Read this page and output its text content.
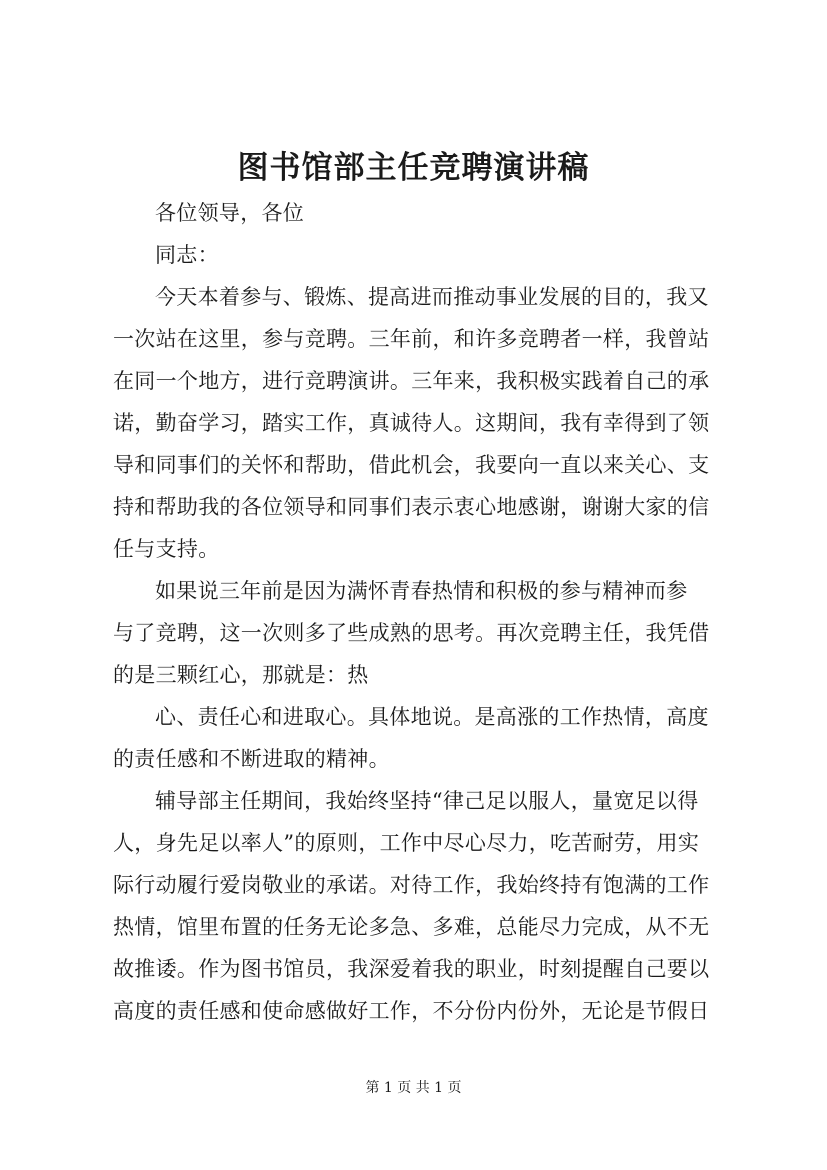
图书馆部主任竞聘演讲稿
各位领导，各位
同志：
今天本着参与、锻炼、提高进而推动事业发展的目的，我又
一次站在这里，参与竞聘。三年前，和许多竞聘者一样，我曾站
在同一个地方，进行竞聘演讲。三年来，我积极实践着自己的承
诺，勤奋学习，踏实工作，真诚待人。这期间，我有幸得到了领
导和同事们的关怀和帮助，借此机会，我要向一直以来关心、支
持和帮助我的各位领导和同事们表示衷心地感谢，谢谢大家的信
任与支持。
如果说三年前是因为满怀青春热情和积极的参与精神而参
与了竞聘，这一次则多了些成熟的思考。再次竞聘主任，我凭借
的是三颗红心，那就是：热
心、责任心和进取心。具体地说。是高涨的工作热情，高度
的责任感和不断进取的精神。
辅导部主任期间，我始终坚持“律己足以服人，量宽足以得
人，身先足以率人”的原则，工作中尽心尽力，吃苦耐劳，用实
际行动履行爱岗敬业的承诺。对待工作，我始终持有饱满的工作
热情，馆里布置的任务无论多急、多难，总能尽力完成，从不无
故推诿。作为图书馆员，我深爱着我的职业，时刻提醒自己要以
高度的责任感和使命感做好工作，不分份内份外，无论是节假日
第 1 页 共 1 页
